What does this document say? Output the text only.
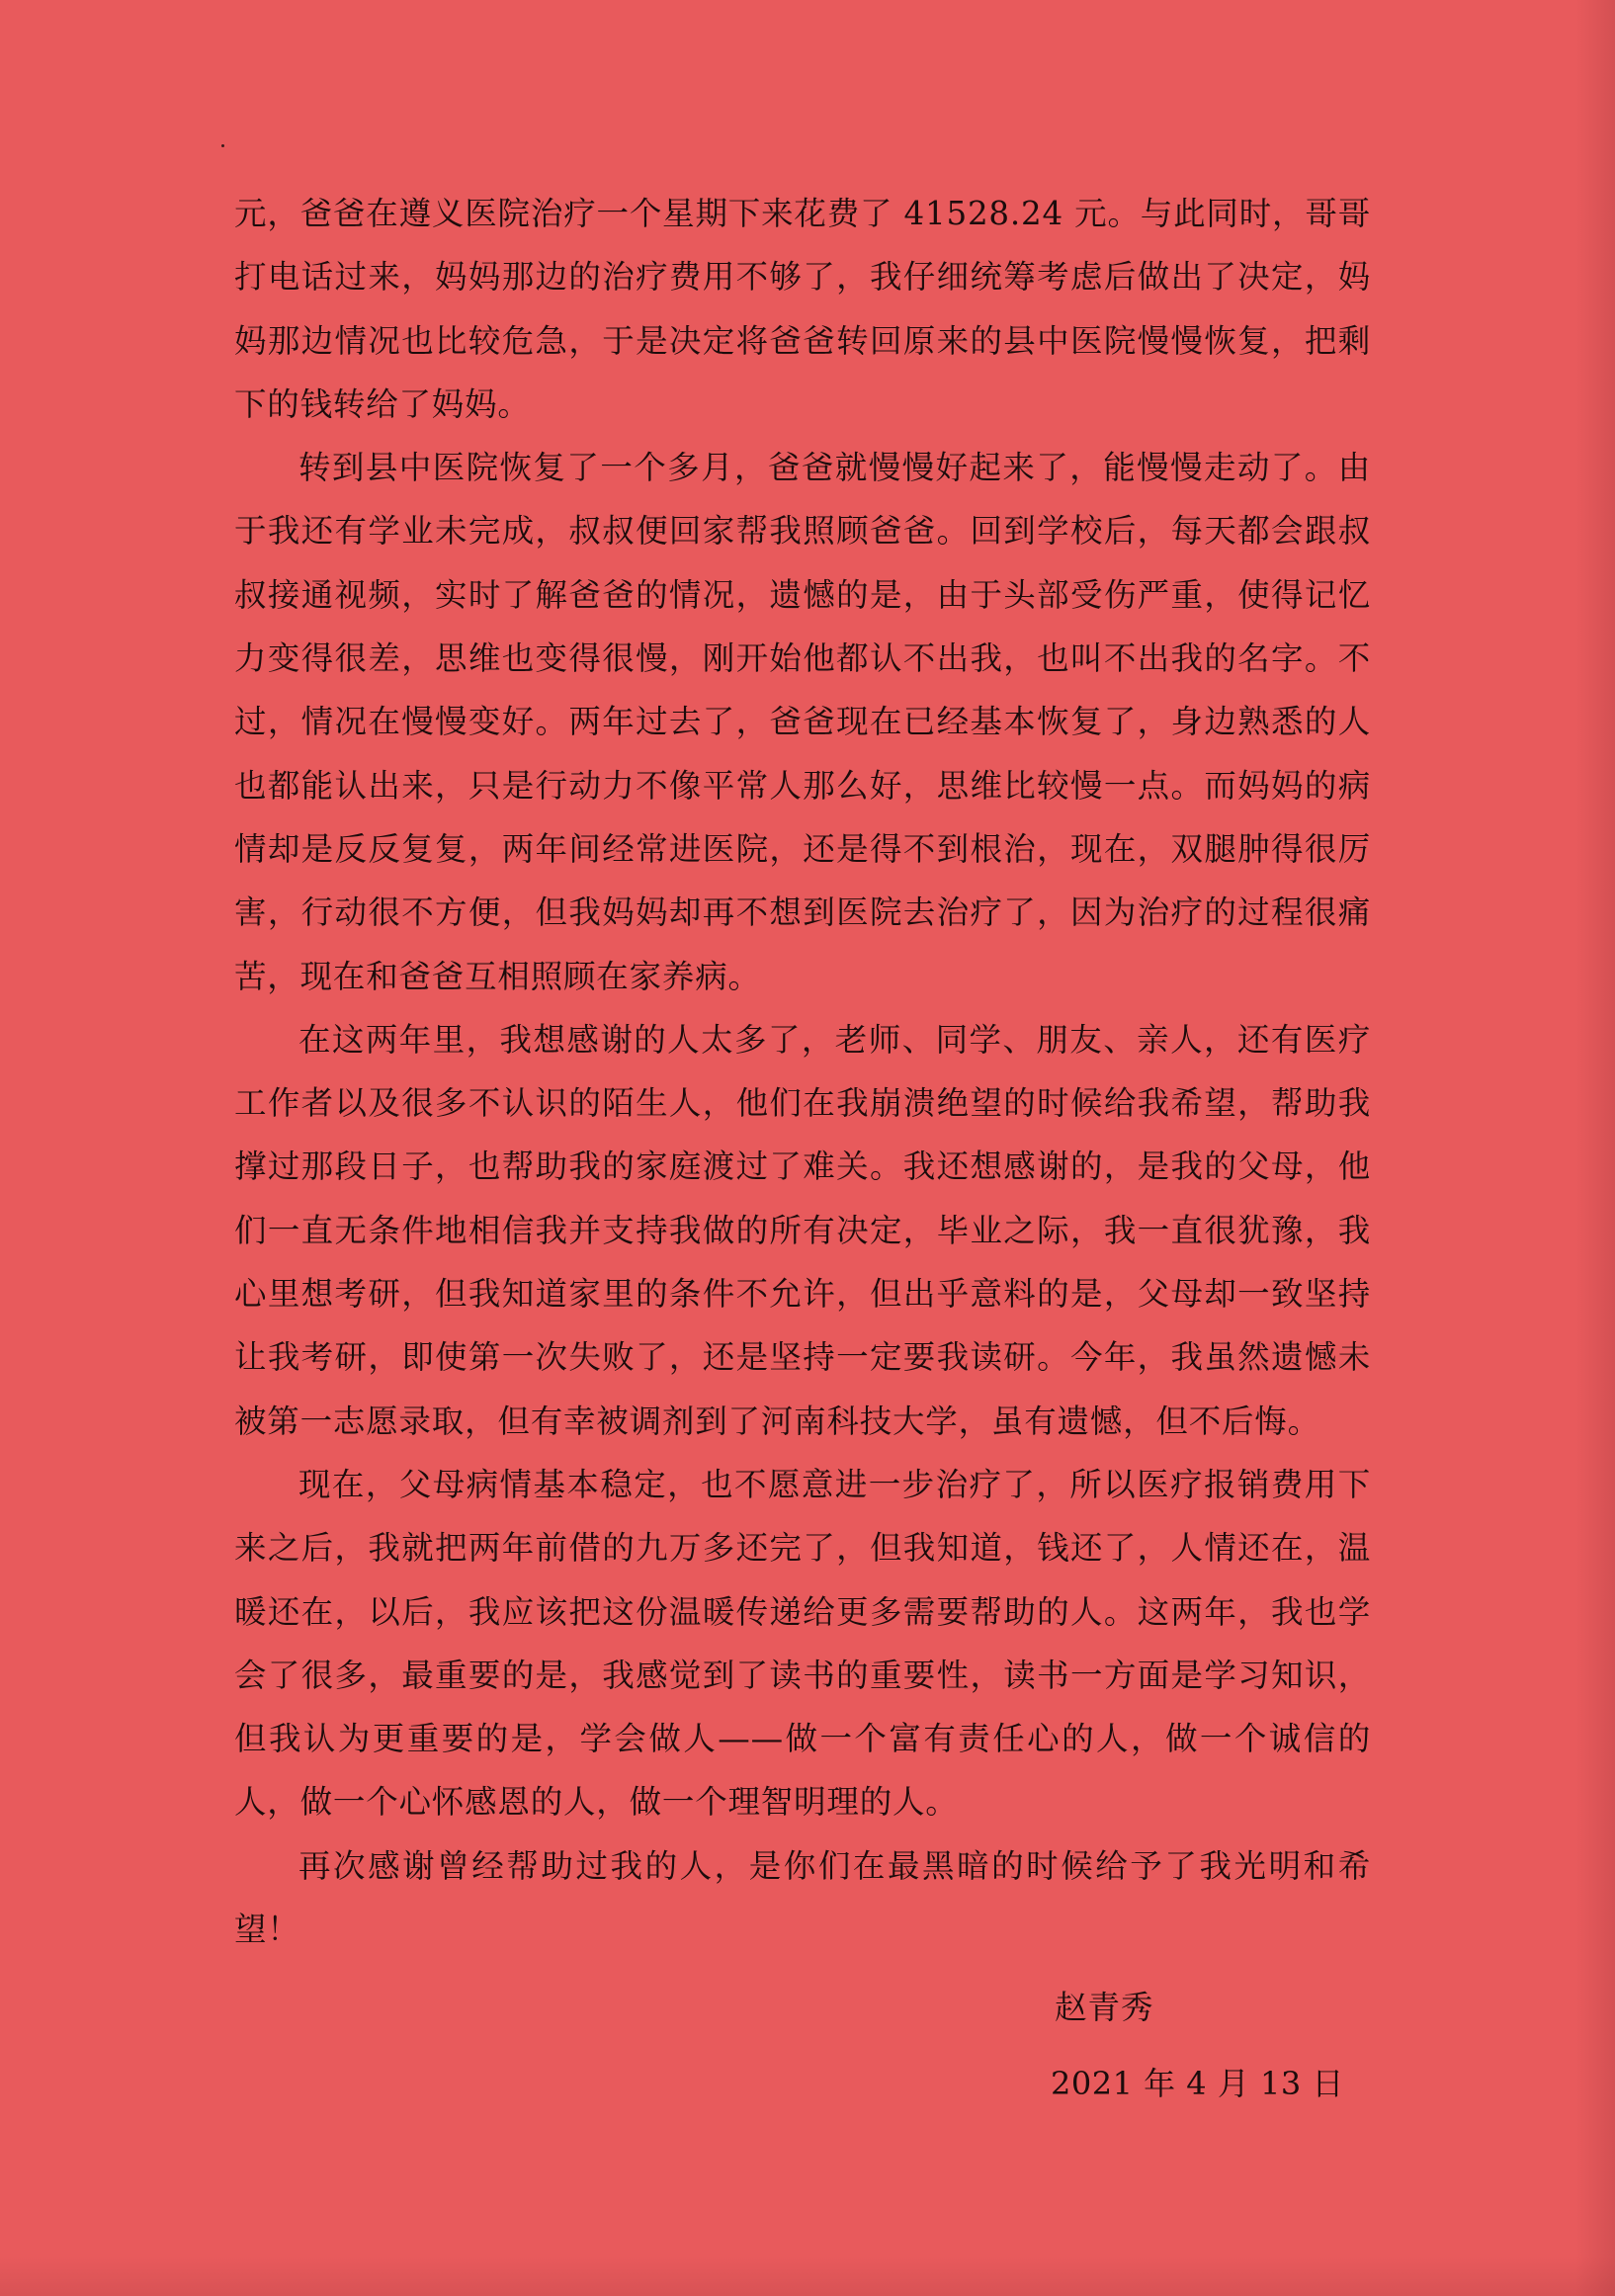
元，爸爸在遵义医院治疗一个星期下来花费了 41528.24 元。与此同时，哥哥打电话过来，妈妈那边的治疗费用不够了，我仔细统筹考虑后做出了决定，妈妈那边情况也比较危急，于是决定将爸爸转回原来的县中医院慢慢恢复，把剩下的钱转给了妈妈。

转到县中医院恢复了一个多月，爸爸就慢慢好起来了，能慢慢走动了。由于我还有学业未完成，叔叔便回家帮我照顾爸爸。回到学校后，每天都会跟叔叔接通视频，实时了解爸爸的情况，遗憾的是，由于头部受伤严重，使得记忆力变得很差，思维也变得很慢，刚开始他都认不出我，也叫不出我的名字。不过，情况在慢慢变好。两年过去了，爸爸现在已经基本恢复了，身边熟悉的人也都能认出来，只是行动力不像平常人那么好，思维比较慢一点。而妈妈的病情却是反反复复，两年间经常进医院，还是得不到根治，现在，双腿肿得很厉害，行动很不方便，但我妈妈却再不想到医院去治疗了，因为治疗的过程很痛苦，现在和爸爸互相照顾在家养病。

在这两年里，我想感谢的人太多了，老师、同学、朋友、亲人，还有医疗工作者以及很多不认识的陌生人，他们在我崩溃绝望的时候给我希望，帮助我撑过那段日子，也帮助我的家庭渡过了难关。我还想感谢的，是我的父母，他们一直无条件地相信我并支持我做的所有决定，毕业之际，我一直很犹豫，我心里想考研，但我知道家里的条件不允许，但出乎意料的是，父母却一致坚持让我考研，即使第一次失败了，还是坚持一定要我读研。今年，我虽然遗憾未被第一志愿录取，但有幸被调剂到了河南科技大学，虽有遗憾，但不后悔。

现在，父母病情基本稳定，也不愿意进一步治疗了，所以医疗报销费用下来之后，我就把两年前借的九万多还完了，但我知道，钱还了，人情还在，温暖还在，以后，我应该把这份温暖传递给更多需要帮助的人。这两年，我也学会了很多，最重要的是，我感觉到了读书的重要性，读书一方面是学习知识，但我认为更重要的是，学会做人——做一个富有责任心的人，做一个诚信的人，做一个心怀感恩的人，做一个理智明理的人。

再次感谢曾经帮助过我的人，是你们在最黑暗的时候给予了我光明和希望！

赵青秀
2021 年 4 月 13 日
